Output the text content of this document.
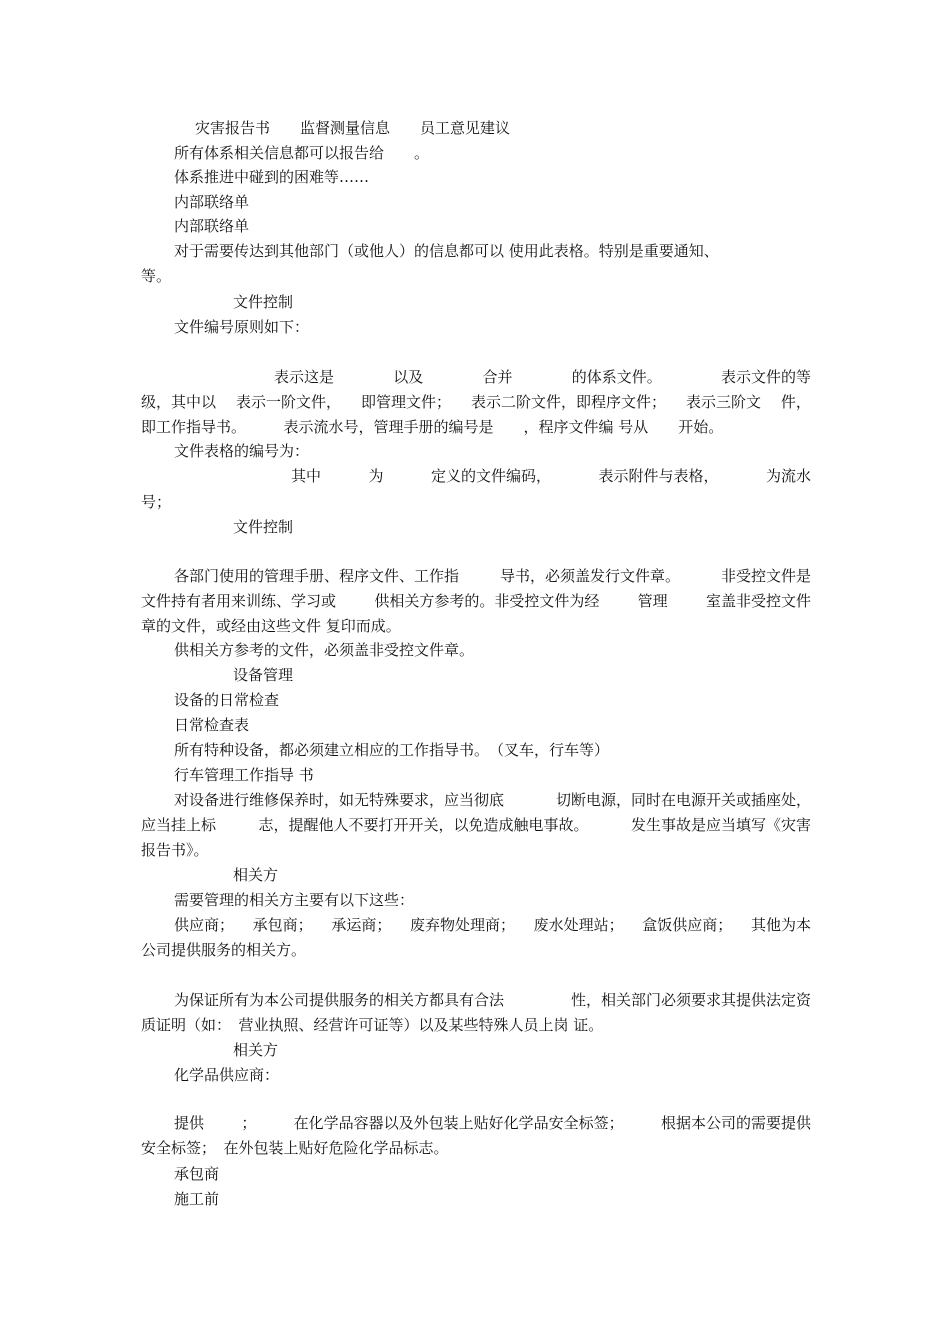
灾害报告书　　监督测量信息　　员工意见建议

所有体系相关信息都可以报告给　　。

体系推进中碰到的困难等……

内部联络单

内部联络单

对于需要传达到其他部门（或他人）的信息都可以 使用此表格。特别是重要通知、

等。

文件控制

文件编号原则如下：

表示这是	以及	合并	的体系文件。	表示文件的等
级，其中以 表示一阶文件， 即管理文件； 表示二阶文件，即程序文件； 表示三阶文 件，

即工作指导书。　　　表示流水号，管理手册的编号是　　，程序文件编 号从　　开始。

文件表格的编号为：

其中	为	定义的文件编码，	表示附件与表格，	为流水

号；

文件控制

各部门使用的管理手册、程序文件、工作指	导书，必须盖发行文件章。	非受控文件是
文件持有者用来训练、学习或	供相关方参考的。非受控文件为经	管理	室盖非受控文件

章的文件，或经由这些文件 复印而成。

供相关方参考的文件，必须盖非受控文件章。

设备管理

设备的日常检查

日常检查表

所有特种设备，都必须建立相应的工作指导书。　（叉车，行车等）

行车管理工作指导 书

对设备进行维修保养时，如无特殊要求，应当彻底	切断电源，同时在电源开关或插座处，
应当挂上标	志，提醒他人不要打开开关，以免造成触电事故。	发生事故是应当填写《灾害

报告书》。

相关方

需要管理的相关方主要有以下这些：

供应商； 承包商； 承运商； 废弃物处理商； 废水处理站； 盒饭供应商； 其他为本

公司提供服务的相关方。

为保证所有为本公司提供服务的相关方都具有合法	性，相关部门必须要求其提供法定资

质证明（如：　营业执照、经营许可证等）以及某些特殊人员上岗 证。

相关方

化学品供应商：

提供 ； 在化学品容器以及外包装上贴好化学品安全标签； 根据本公司的需要提供

安全标签；　在外包装上贴好危险化学品标志。

承包商

施工前
